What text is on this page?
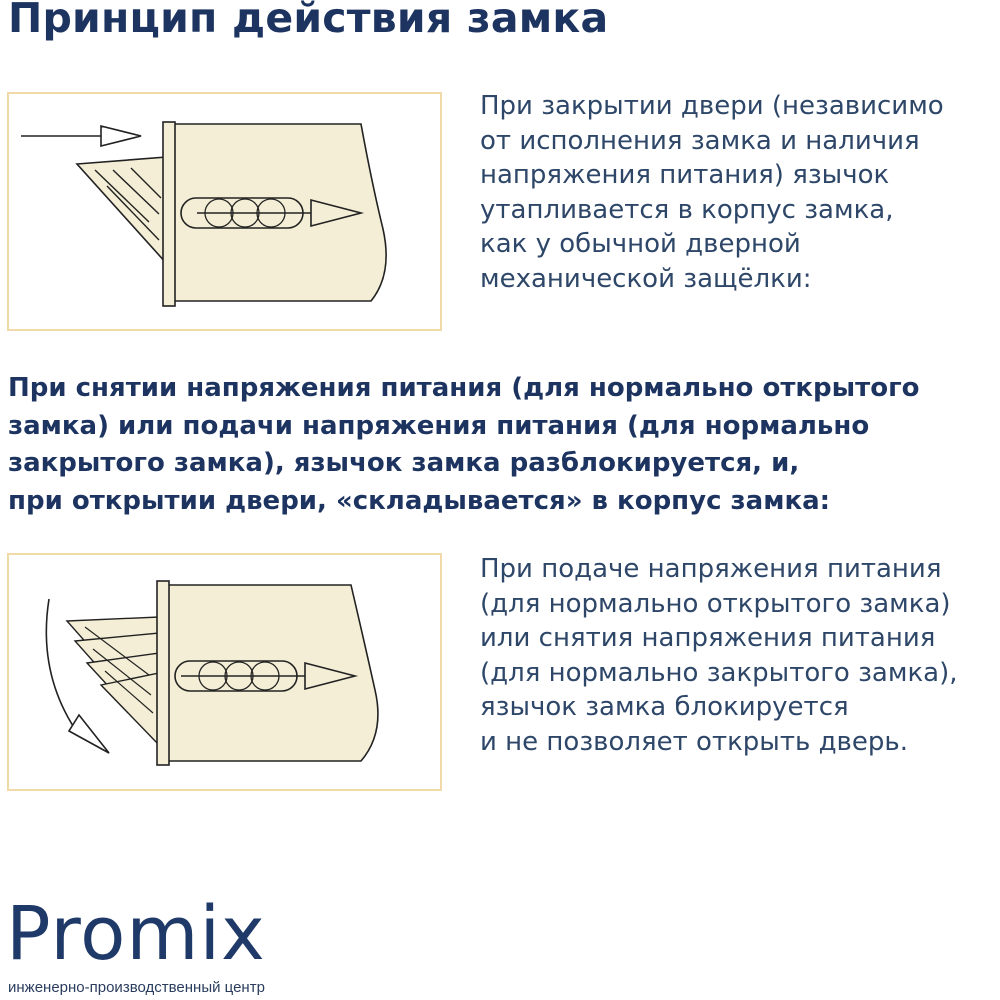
Принцип действия замка
При закрытии двери (независимо
от исполнения замка и наличия
напряжения питания) язычок
утапливается в корпус замка,
как у обычной дверной
механической защёлки:
При снятии напряжения питания (для нормально открытого
замка) или подачи напряжения питания (для нормально
закрытого замка), язычок замка разблокируется, и,
при открытии двери, «складывается» в корпус замка:
При подаче напряжения питания
(для нормально открытого замка)
или снятия напряжения питания
(для нормально закрытого замка),
язычок замка блокируется
и не позволяет открыть дверь.
Promix
инженерно-производственный центр
